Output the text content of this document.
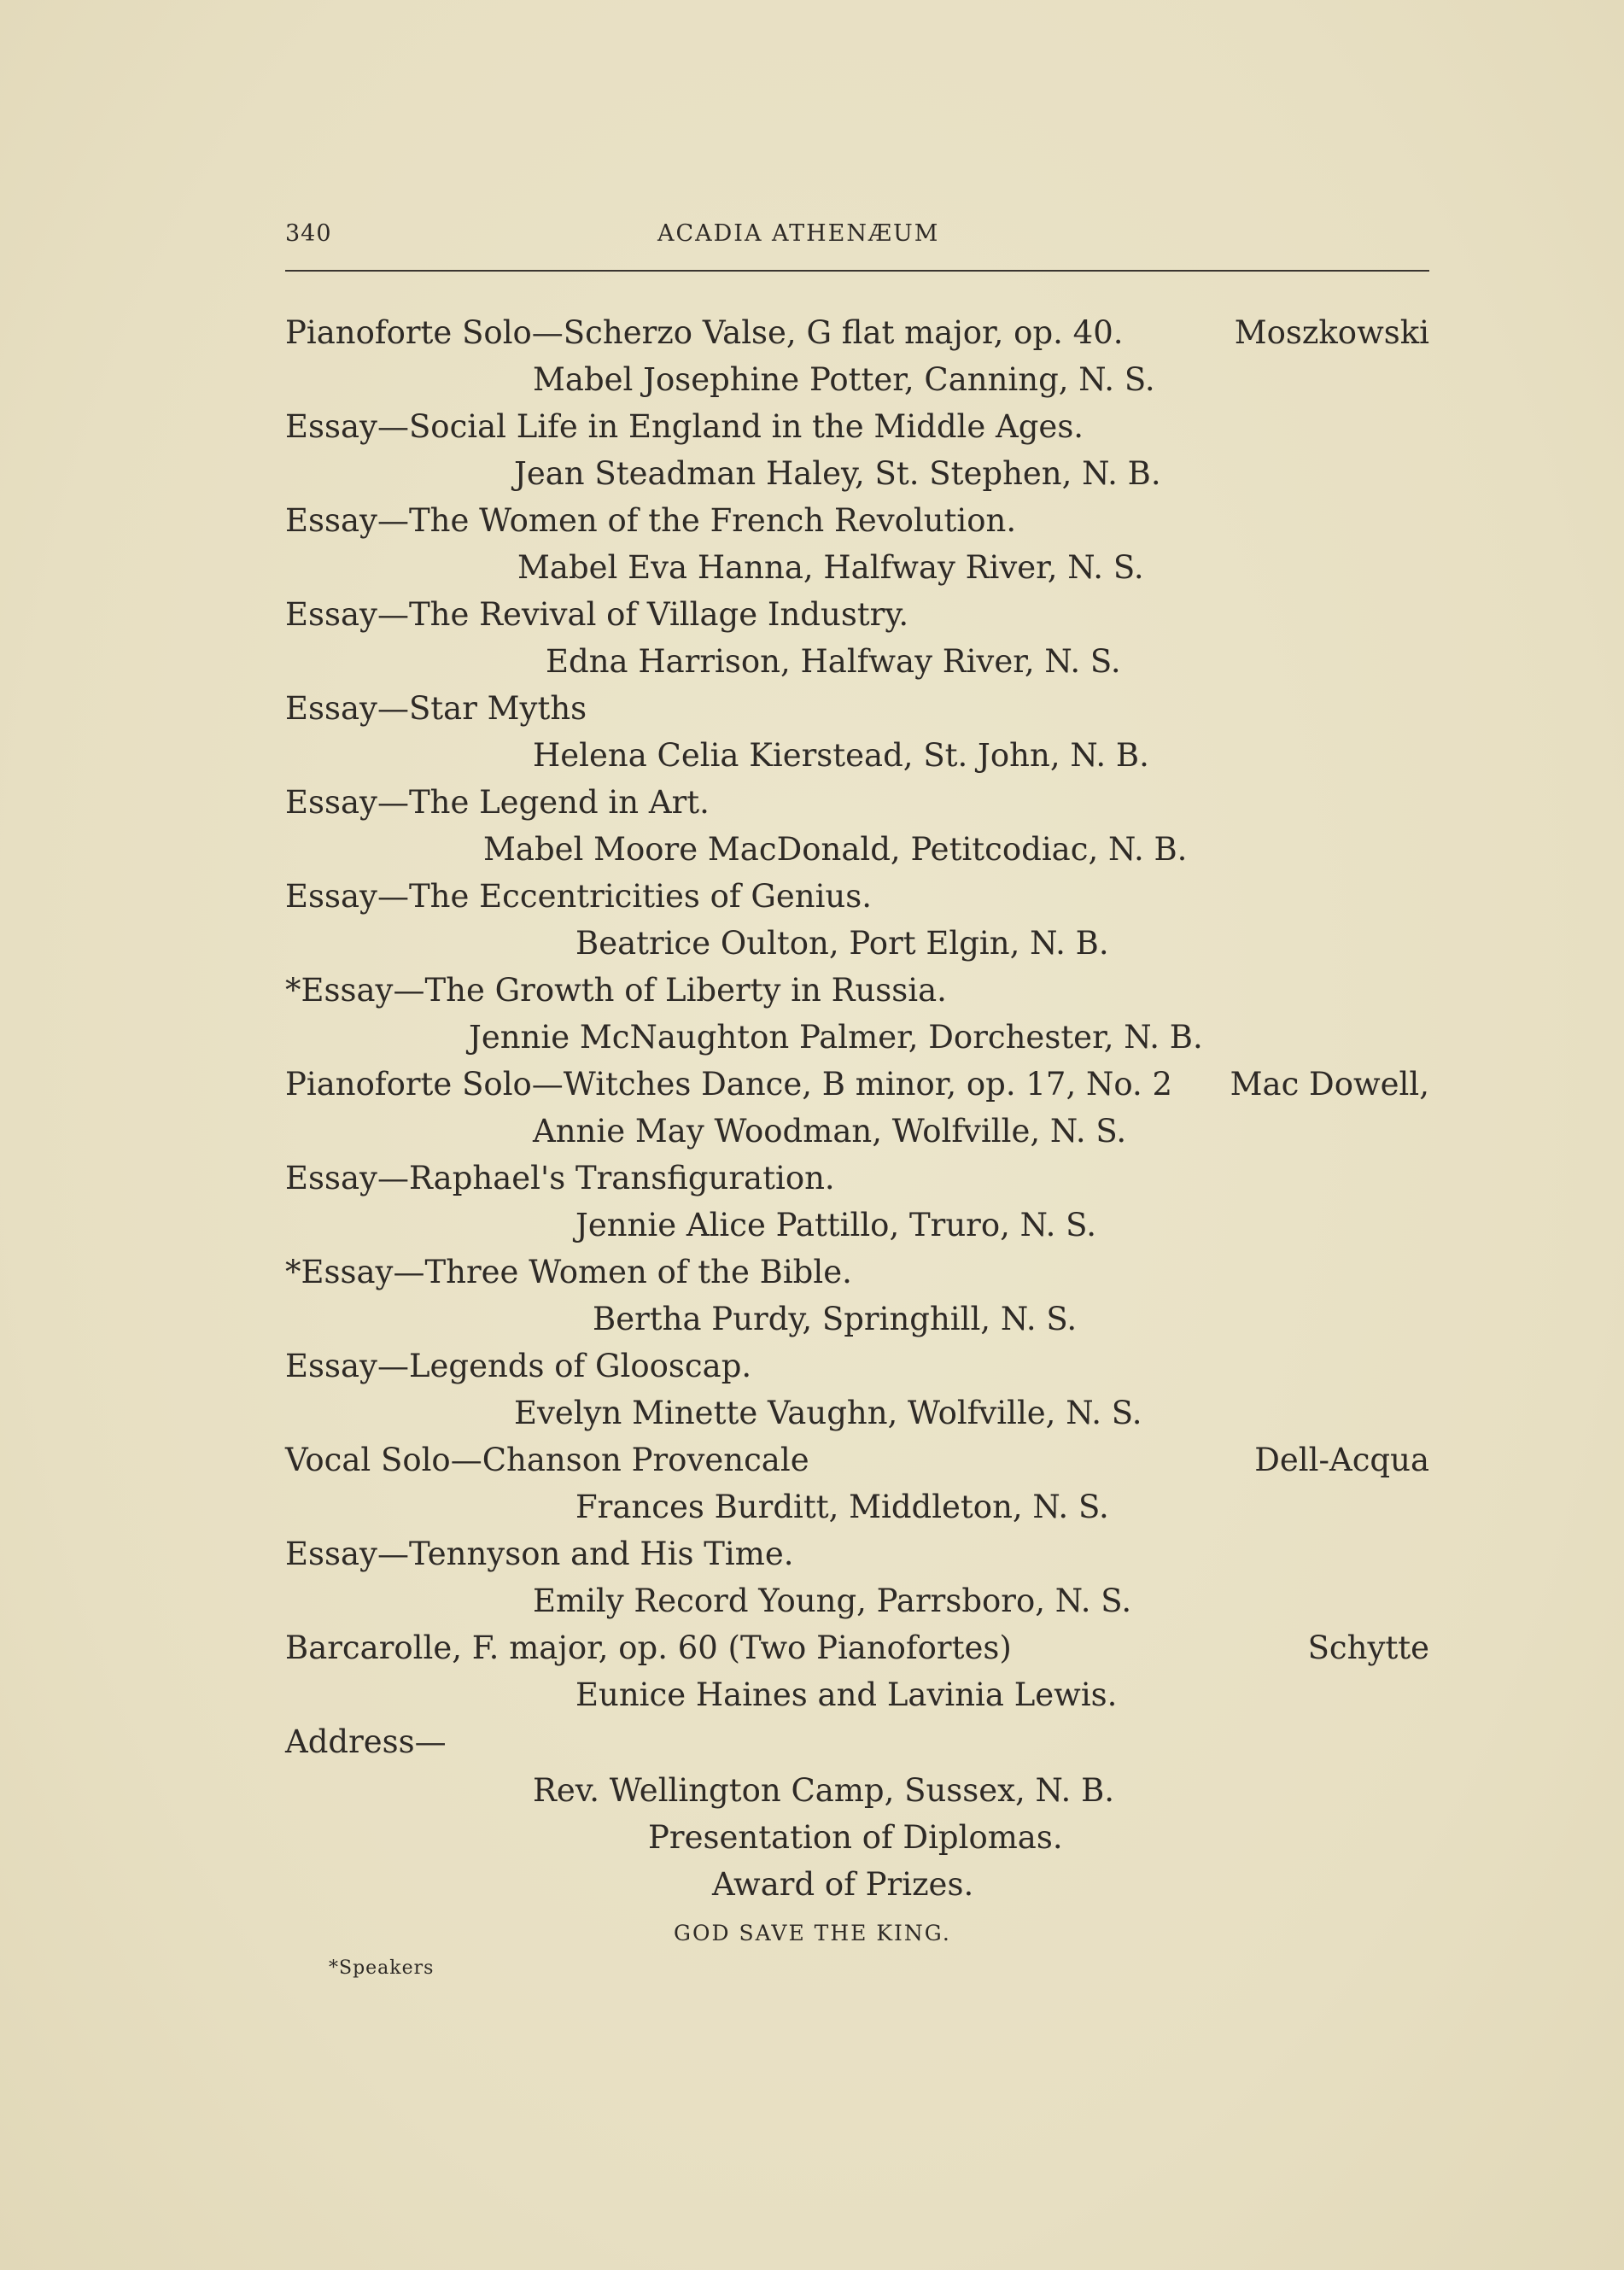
340	ACADIA ATHENÆUM
Pianoforte Solo—Scherzo Valse, G flat major, op. 40.	Moszkowski
Mabel Josephine Potter, Canning, N. S.
Essay—Social Life in England in the Middle Ages.
Jean Steadman Haley, St. Stephen, N. B.
Essay—The Women of the French Revolution.
Mabel Eva Hanna, Halfway River, N. S.
Essay—The Revival of Village Industry.
Edna Harrison, Halfway River, N. S.
Essay—Star Myths
Helena Celia Kierstead, St. John, N. B.
Essay—The Legend in Art.
Mabel Moore MacDonald, Petitcodiac, N. B.
Essay—The Eccentricities of Genius.
Beatrice Oulton, Port Elgin, N. B.
*Essay—The Growth of Liberty in Russia.
Jennie McNaughton Palmer, Dorchester, N. B.
Pianoforte Solo—Witches Dance, B minor, op. 17, No. 2 Mac Dowell,
Annie May Woodman, Wolfville, N. S.
Essay—Raphael's Transfiguration.
Jennie Alice Pattillo, Truro, N. S.
*Essay—Three Women of the Bible.
Bertha Purdy, Springhill, N. S.
Essay—Legends of Glooscap.
Evelyn Minette Vaughn, Wolfville, N. S.
Vocal Solo—Chanson Provencale	Dell-Acqua
Frances Burditt, Middleton, N. S.
Essay—Tennyson and His Time.
Emily Record Young, Parrsboro, N. S.
Barcarolle, F. major, op. 60 (Two Pianofortes)	Schytte
Eunice Haines and Lavinia Lewis.
Address—
Rev. Wellington Camp, Sussex, N. B.
Presentation of Diplomas.
Award of Prizes.
GOD SAVE THE KING.
*Speakers
